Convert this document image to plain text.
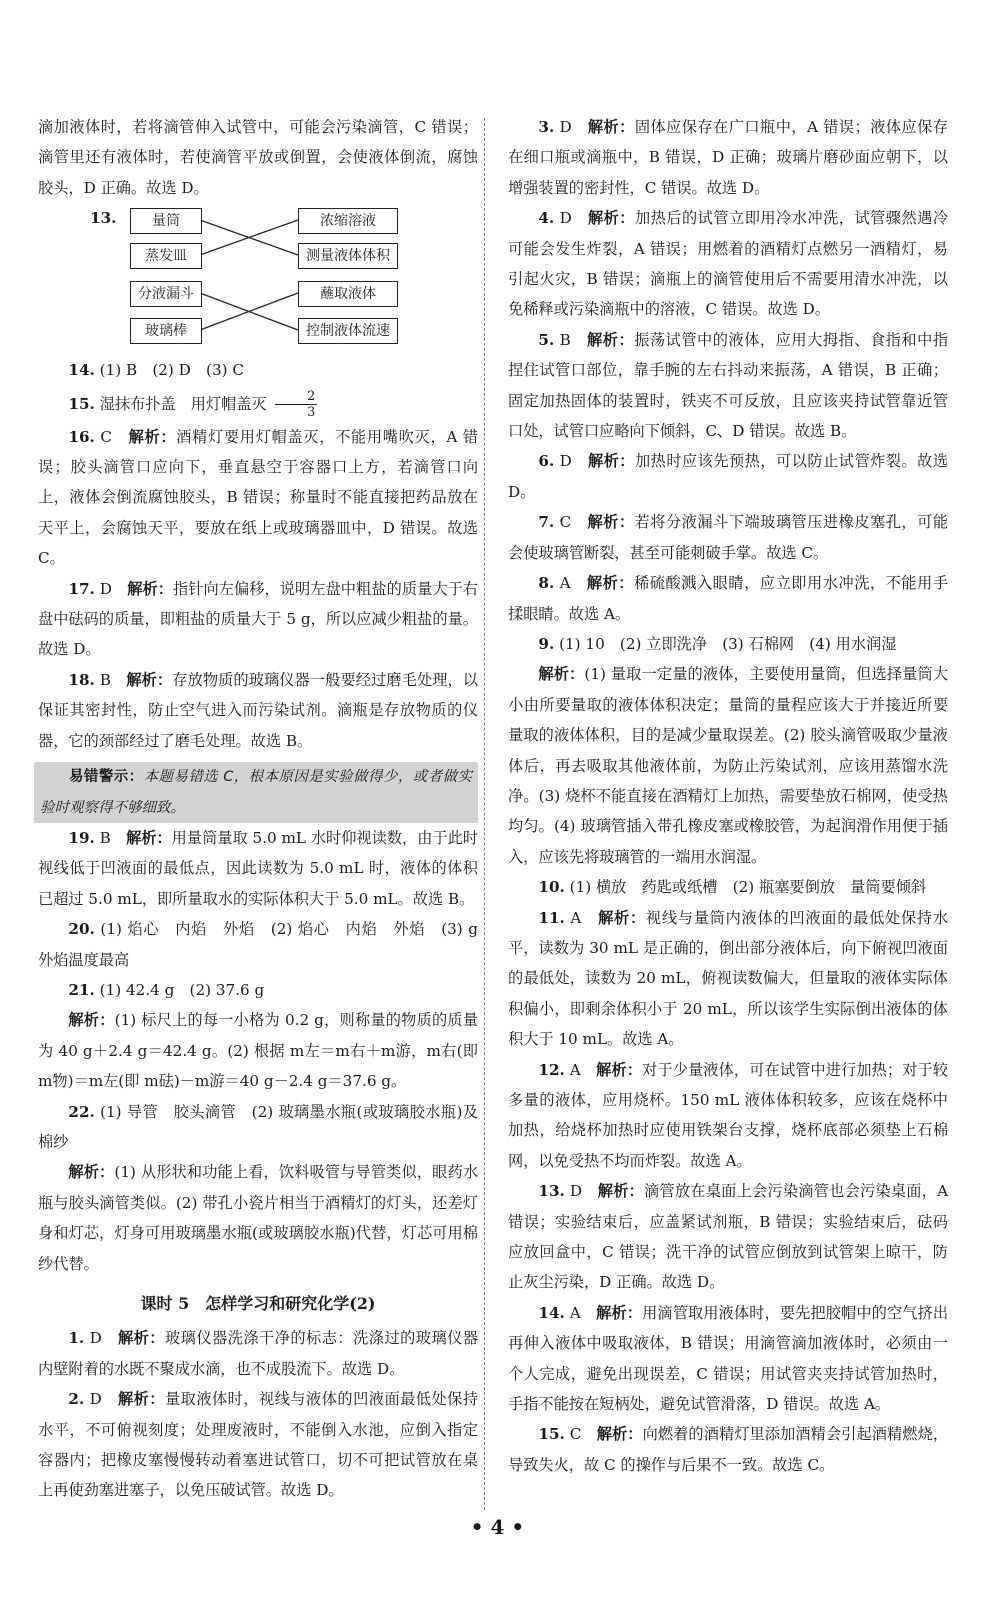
滴加液体时，若将滴管伸入试管中，可能会污染滴管，C 错误；滴管里还有液体时，若使滴管平放或倒置，会使液体倒流，腐蚀胶头，D 正确。故选 D。

13.	量筒
蒸发皿
分液漏斗
玻璃棒
浓缩溶液
测量液体体积
蘸取液体
控制液体流速

14. (1) B　(2) D　(3) C

15. 湿抹布扑盖　用灯帽盖灭 $\frac{2}{3}$

16. C　 解析：酒精灯要用灯帽盖灭，不能用嘴吹灭，A 错误；胶头滴管口应向下，垂直悬空于容器口上方，若滴管口向上，液体会倒流腐蚀胶头，B 错误；称量时不能直接把药品放在天平上，会腐蚀天平，要放在纸上或玻璃器皿中，D 错误。故选 C。

17. D　 解析：指针向左偏移，说明左盘中粗盐的质量大于右盘中砝码的质量，即粗盐的质量大于 5 g，所以应减少粗盐的量。故选 D。

18. B　 解析：存放物质的玻璃仪器一般要经过磨毛处理，以保证其密封性，防止空气进入而污染试剂。滴瓶是存放物质的仪器，它的颈部经过了磨毛处理。故选 B。

易错警示：本题易错选 C，根本原因是实验做得少，或者做实验时观察得不够细致。

19. B　 解析：用量筒量取 5.0 mL 水时仰视读数，由于此时视线低于凹液面的最低点，因此读数为 5.0 mL 时，液体的体积已超过 5.0 mL，即所量取水的实际体积大于 5.0 mL。故选 B。

20. (1) 焰心　内焰　外焰　(2) 焰心　内焰　外焰　(3) g　外焰温度最高

21. (1) 42.4 g　(2) 37.6 g

解析：(1) 标尺上的每一小格为 0.2 g，则称量的物质的质量为 40 g＋2.4 g＝42.4 g。(2) 根据 m左＝m右＋m游，m右(即 m物)＝m左(即 m砝)－m游＝40 g－2.4 g＝37.6 g。

22. (1) 导管　胶头滴管　(2) 玻璃墨水瓶(或玻璃胶水瓶)及棉纱

解析：(1) 从形状和功能上看，饮料吸管与导管类似，眼药水瓶与胶头滴管类似。(2) 带孔小瓷片相当于酒精灯的灯头，还差灯身和灯芯，灯身可用玻璃墨水瓶(或玻璃胶水瓶)代替，灯芯可用棉纱代替。

课时 5　怎样学习和研究化学(2)

1. D　 解析：玻璃仪器洗涤干净的标志：洗涤过的玻璃仪器内壁附着的水既不聚成水滴，也不成股流下。故选 D。

2. D　 解析：量取液体时，视线与液体的凹液面最低处保持水平，不可俯视刻度；处理废液时，不能倒入水池，应倒入指定容器内；把橡皮塞慢慢转动着塞进试管口，切不可把试管放在桌上再使劲塞进塞子，以免压破试管。故选 D。

3. D　 解析：固体应保存在广口瓶中，A 错误；液体应保存在细口瓶或滴瓶中，B 错误，D 正确；玻璃片磨砂面应朝下，以增强装置的密封性，C 错误。故选 D。

4. D　 解析：加热后的试管立即用冷水冲洗，试管骤然遇冷可能会发生炸裂，A 错误；用燃着的酒精灯点燃另一酒精灯，易引起火灾，B 错误；滴瓶上的滴管使用后不需要用清水冲洗，以免稀释或污染滴瓶中的溶液，C 错误。故选 D。

5. B　 解析：振荡试管中的液体，应用大拇指、食指和中指捏住试管口部位，靠手腕的左右抖动来振荡，A 错误，B 正确；固定加热固体的装置时，铁夹不可反放，且应该夹持试管靠近管口处，试管口应略向下倾斜，C、D 错误。故选 B。

6. D　 解析：加热时应该先预热，可以防止试管炸裂。故选 D。

7. C　 解析：若将分液漏斗下端玻璃管压进橡皮塞孔，可能会使玻璃管断裂，甚至可能刺破手掌。故选 C。

8. A　 解析：稀硫酸溅入眼睛，应立即用水冲洗，不能用手揉眼睛。故选 A。

9. (1) 10　(2) 立即洗净　(3) 石棉网　(4) 用水润湿

解析：(1) 量取一定量的液体，主要使用量筒，但选择量筒大小由所要量取的液体体积决定；量筒的量程应该大于并接近所要量取的液体体积，目的是减少量取误差。(2) 胶头滴管吸取少量液体后，再去吸取其他液体前，为防止污染试剂，应该用蒸馏水洗净。(3) 烧杯不能直接在酒精灯上加热，需要垫放石棉网，使受热均匀。(4) 玻璃管插入带孔橡皮塞或橡胶管，为起润滑作用便于插入，应该先将玻璃管的一端用水润湿。

10. (1) 横放　药匙或纸槽　(2) 瓶塞要倒放　量筒要倾斜

11. A　 解析：视线与量筒内液体的凹液面的最低处保持水平，读数为 30 mL 是正确的，倒出部分液体后，向下俯视凹液面的最低处，读数为 20 mL，俯视读数偏大，但量取的液体实际体积偏小，即剩余体积小于 20 mL，所以该学生实际倒出液体的体积大于 10 mL。故选 A。

12. A　 解析：对于少量液体，可在试管中进行加热；对于较多量的液体，应用烧杯。150 mL 液体体积较多，应该在烧杯中加热，给烧杯加热时应使用铁架台支撑，烧杯底部必须垫上石棉网，以免受热不均而炸裂。故选 A。

13. D　 解析：滴管放在桌面上会污染滴管也会污染桌面，A 错误；实验结束后，应盖紧试剂瓶，B 错误；实验结束后，砝码应放回盒中，C 错误；洗干净的试管应倒放到试管架上晾干，防止灰尘污染，D 正确。故选 D。

14. A　 解析：用滴管取用液体时，要先把胶帽中的空气挤出再伸入液体中吸取液体，B 错误；用滴管滴加液体时，必须由一个人完成，避免出现误差，C 错误；用试管夹夹持试管加热时，手指不能按在短柄处，避免试管滑落，D 错误。故选 A。

15. C　 解析：向燃着的酒精灯里添加酒精会引起酒精燃烧，导致失火，故 C 的操作与后果不一致。故选 C。

• 4 •
